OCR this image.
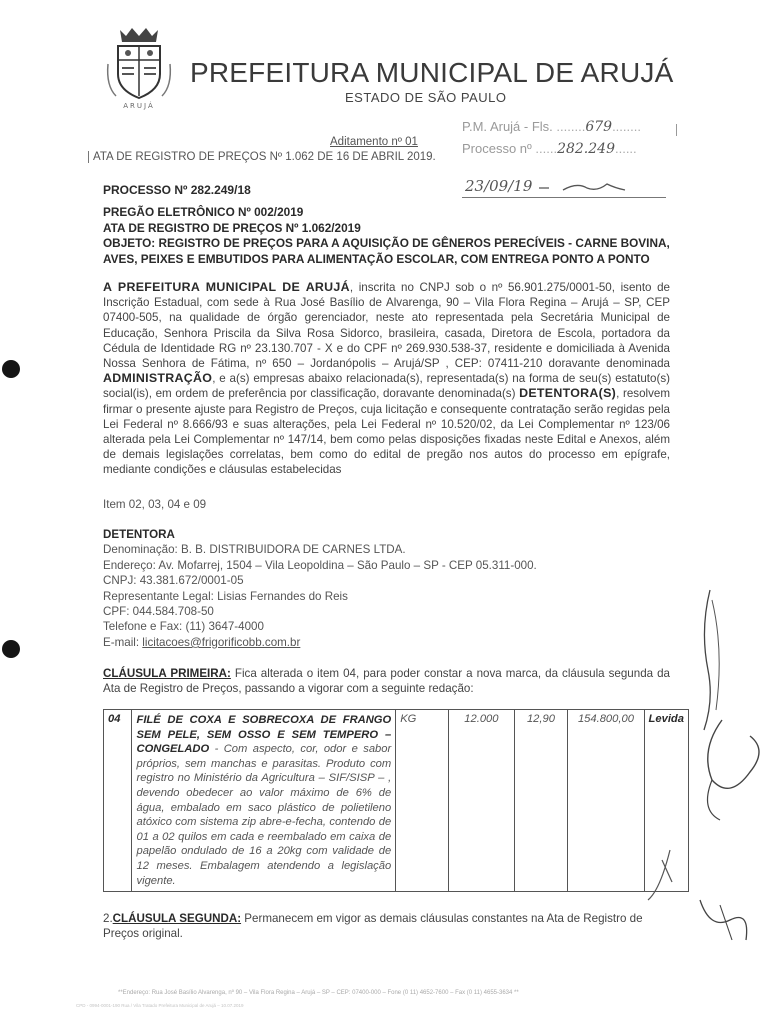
ARUJÁ
PREFEITURA MUNICIPAL DE ARUJÁ
ESTADO DE SÃO PAULO
P.M. Arujá - Fls. ........679........
Processo nº ......282.249......
Aditamento nº 01
ATA DE REGISTRO DE PREÇOS Nº 1.062 DE 16 DE ABRIL 2019.
PROCESSO Nº 282.249/18	23/09/19
PREGÃO ELETRÔNICO Nº 002/2019
ATA DE REGISTRO DE PREÇOS Nº 1.062/2019
OBJETO: REGISTRO DE PREÇOS PARA A AQUISIÇÃO DE GÊNEROS PERECÍVEIS - CARNE BOVINA, AVES, PEIXES E EMBUTIDOS PARA ALIMENTAÇÃO ESCOLAR, COM ENTREGA PONTO A PONTO
A PREFEITURA MUNICIPAL DE ARUJÁ, inscrita no CNPJ sob o nº 56.901.275/0001-50, isento de Inscrição Estadual, com sede à Rua José Basílio de Alvarenga, 90 – Vila Flora Regina – Arujá – SP, CEP 07400-505, na qualidade de órgão gerenciador, neste ato representada pela Secretária Municipal de Educação, Senhora Priscila da Silva Rosa Sidorco, brasileira, casada, Diretora de Escola, portadora da Cédula de Identidade RG nº 23.130.707 - X e do CPF nº 269.930.538-37, residente e domiciliada à Avenida Nossa Senhora de Fátima, nº 650 – Jordanópolis – Arujá/SP , CEP: 07411-210 doravante denominada ADMINISTRAÇÃO, e a(s) empresas abaixo relacionada(s), representada(s) na forma de seu(s) estatuto(s) social(is), em ordem de preferência por classificação, doravante denominada(s) DETENTORA(S), resolvem firmar o presente ajuste para Registro de Preços, cuja licitação e consequente contratação serão regidas pela Lei Federal nº 8.666/93 e suas alterações, pela Lei Federal nº 10.520/02, da Lei Complementar nº 123/06 alterada pela Lei Complementar nº 147/14, bem como pelas disposições fixadas neste Edital e Anexos, além de demais legislações correlatas, bem como do edital de pregão nos autos do processo em epígrafe, mediante condições e cláusulas estabelecidas
Item 02, 03, 04 e 09
DETENTORA
Denominação: B. B. DISTRIBUIDORA DE CARNES LTDA.
Endereço: Av. Mofarrej, 1504 – Vila Leopoldina – São Paulo – SP - CEP 05.311-000.
CNPJ: 43.381.672/0001-05
Representante Legal: Lisias Fernandes do Reis
CPF: 044.584.708-50
Telefone e Fax: (11) 3647-4000
E-mail: licitacoes@frigorificobb.com.br
CLÁUSULA PRIMEIRA: Fica alterada o item 04, para poder constar a nova marca, da cláusula segunda da Ata de Registro de Preços, passando a vigorar com a seguinte redação:
04	FILÉ DE COXA E SOBRECOXA DE FRANGO SEM PELE, SEM OSSO E SEM TEMPERO – CONGELADO - Com aspecto, cor, odor e sabor próprios, sem manchas e parasitas. Produto com registro no Ministério da Agricultura – SIF/SISP – , devendo obedecer ao valor máximo de 6% de água, embalado em saco plástico de polietileno atóxico com sistema zip abre-e-fecha, contendo de 01 a 02 quilos em cada e reembalado em caixa de papelão ondulado de 16 a 20kg com validade de 12 meses. Embalagem atendendo a legislação vigente.	KG	12.000	12,90	154.800,00	Levida
2.CLÁUSULA SEGUNDA: Permanecem em vigor as demais cláusulas constantes na Ata de Registro de Preços original.
**Endereço: Rua José Basílio Alvarenga, nº 90 – Vila Flora Regina – Arujá – SP – CEP: 07400-000 – Fone (0 11) 4652-7600 – Fax (0 11) 4655-3634 **
CPD - 0994-0001-190 Rua / Vila Tratado Prefeitura Municipal de Arujá – 10.07.2019
